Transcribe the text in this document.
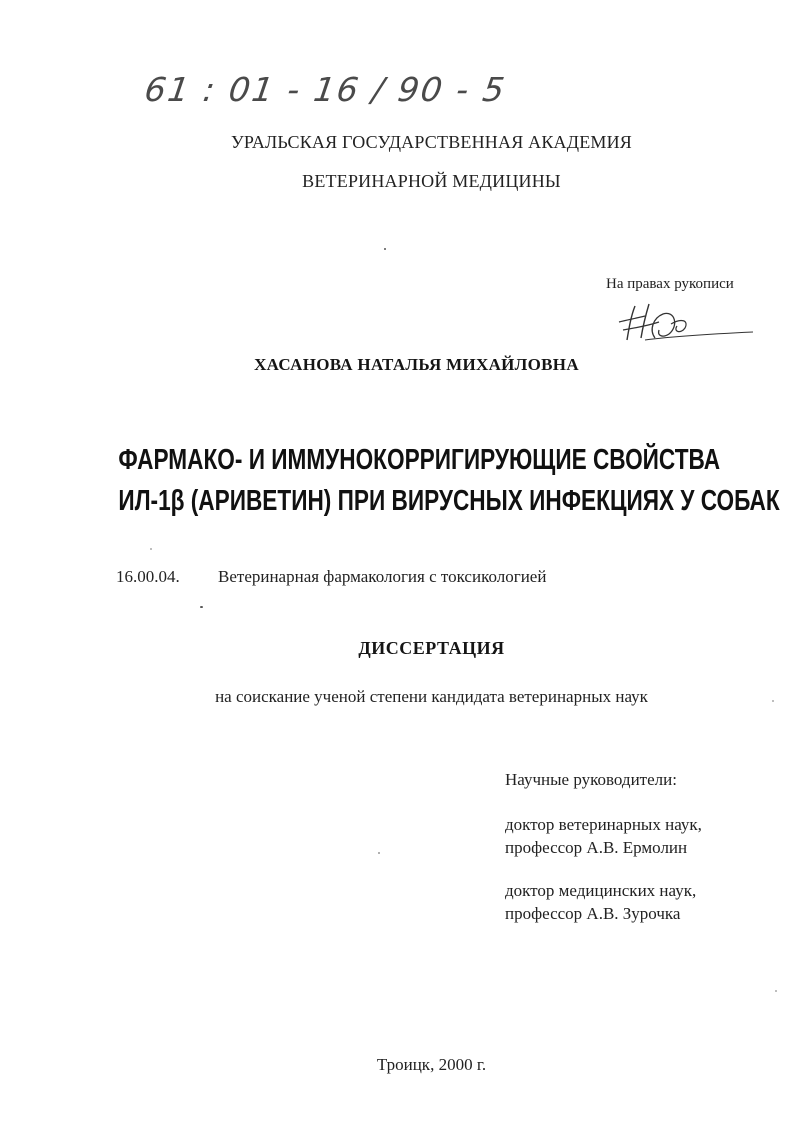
61 : 01 - 16 / 90 - 5
УРАЛЬСКАЯ ГОСУДАРСТВЕННАЯ АКАДЕМИЯ
ВЕТЕРИНАРНОЙ МЕДИЦИНЫ
На правах рукописи
ХАСАНОВА НАТАЛЬЯ МИХАЙЛОВНА
ФАРМАКО- И ИММУНОКОРРИГИРУЮЩИЕ СВОЙСТВА
ИЛ-1β (АРИВЕТИН) ПРИ ВИРУСНЫХ ИНФЕКЦИЯХ У СОБАК
16.00.04. Ветеринарная фармакология с токсикологией
ДИССЕРТАЦИЯ
на соискание ученой степени кандидата ветеринарных наук
Научные руководители:
доктор ветеринарных наук,
профессор А.В. Ермолин
доктор медицинских наук,
профессор А.В. Зурочка
Троицк, 2000 г.
